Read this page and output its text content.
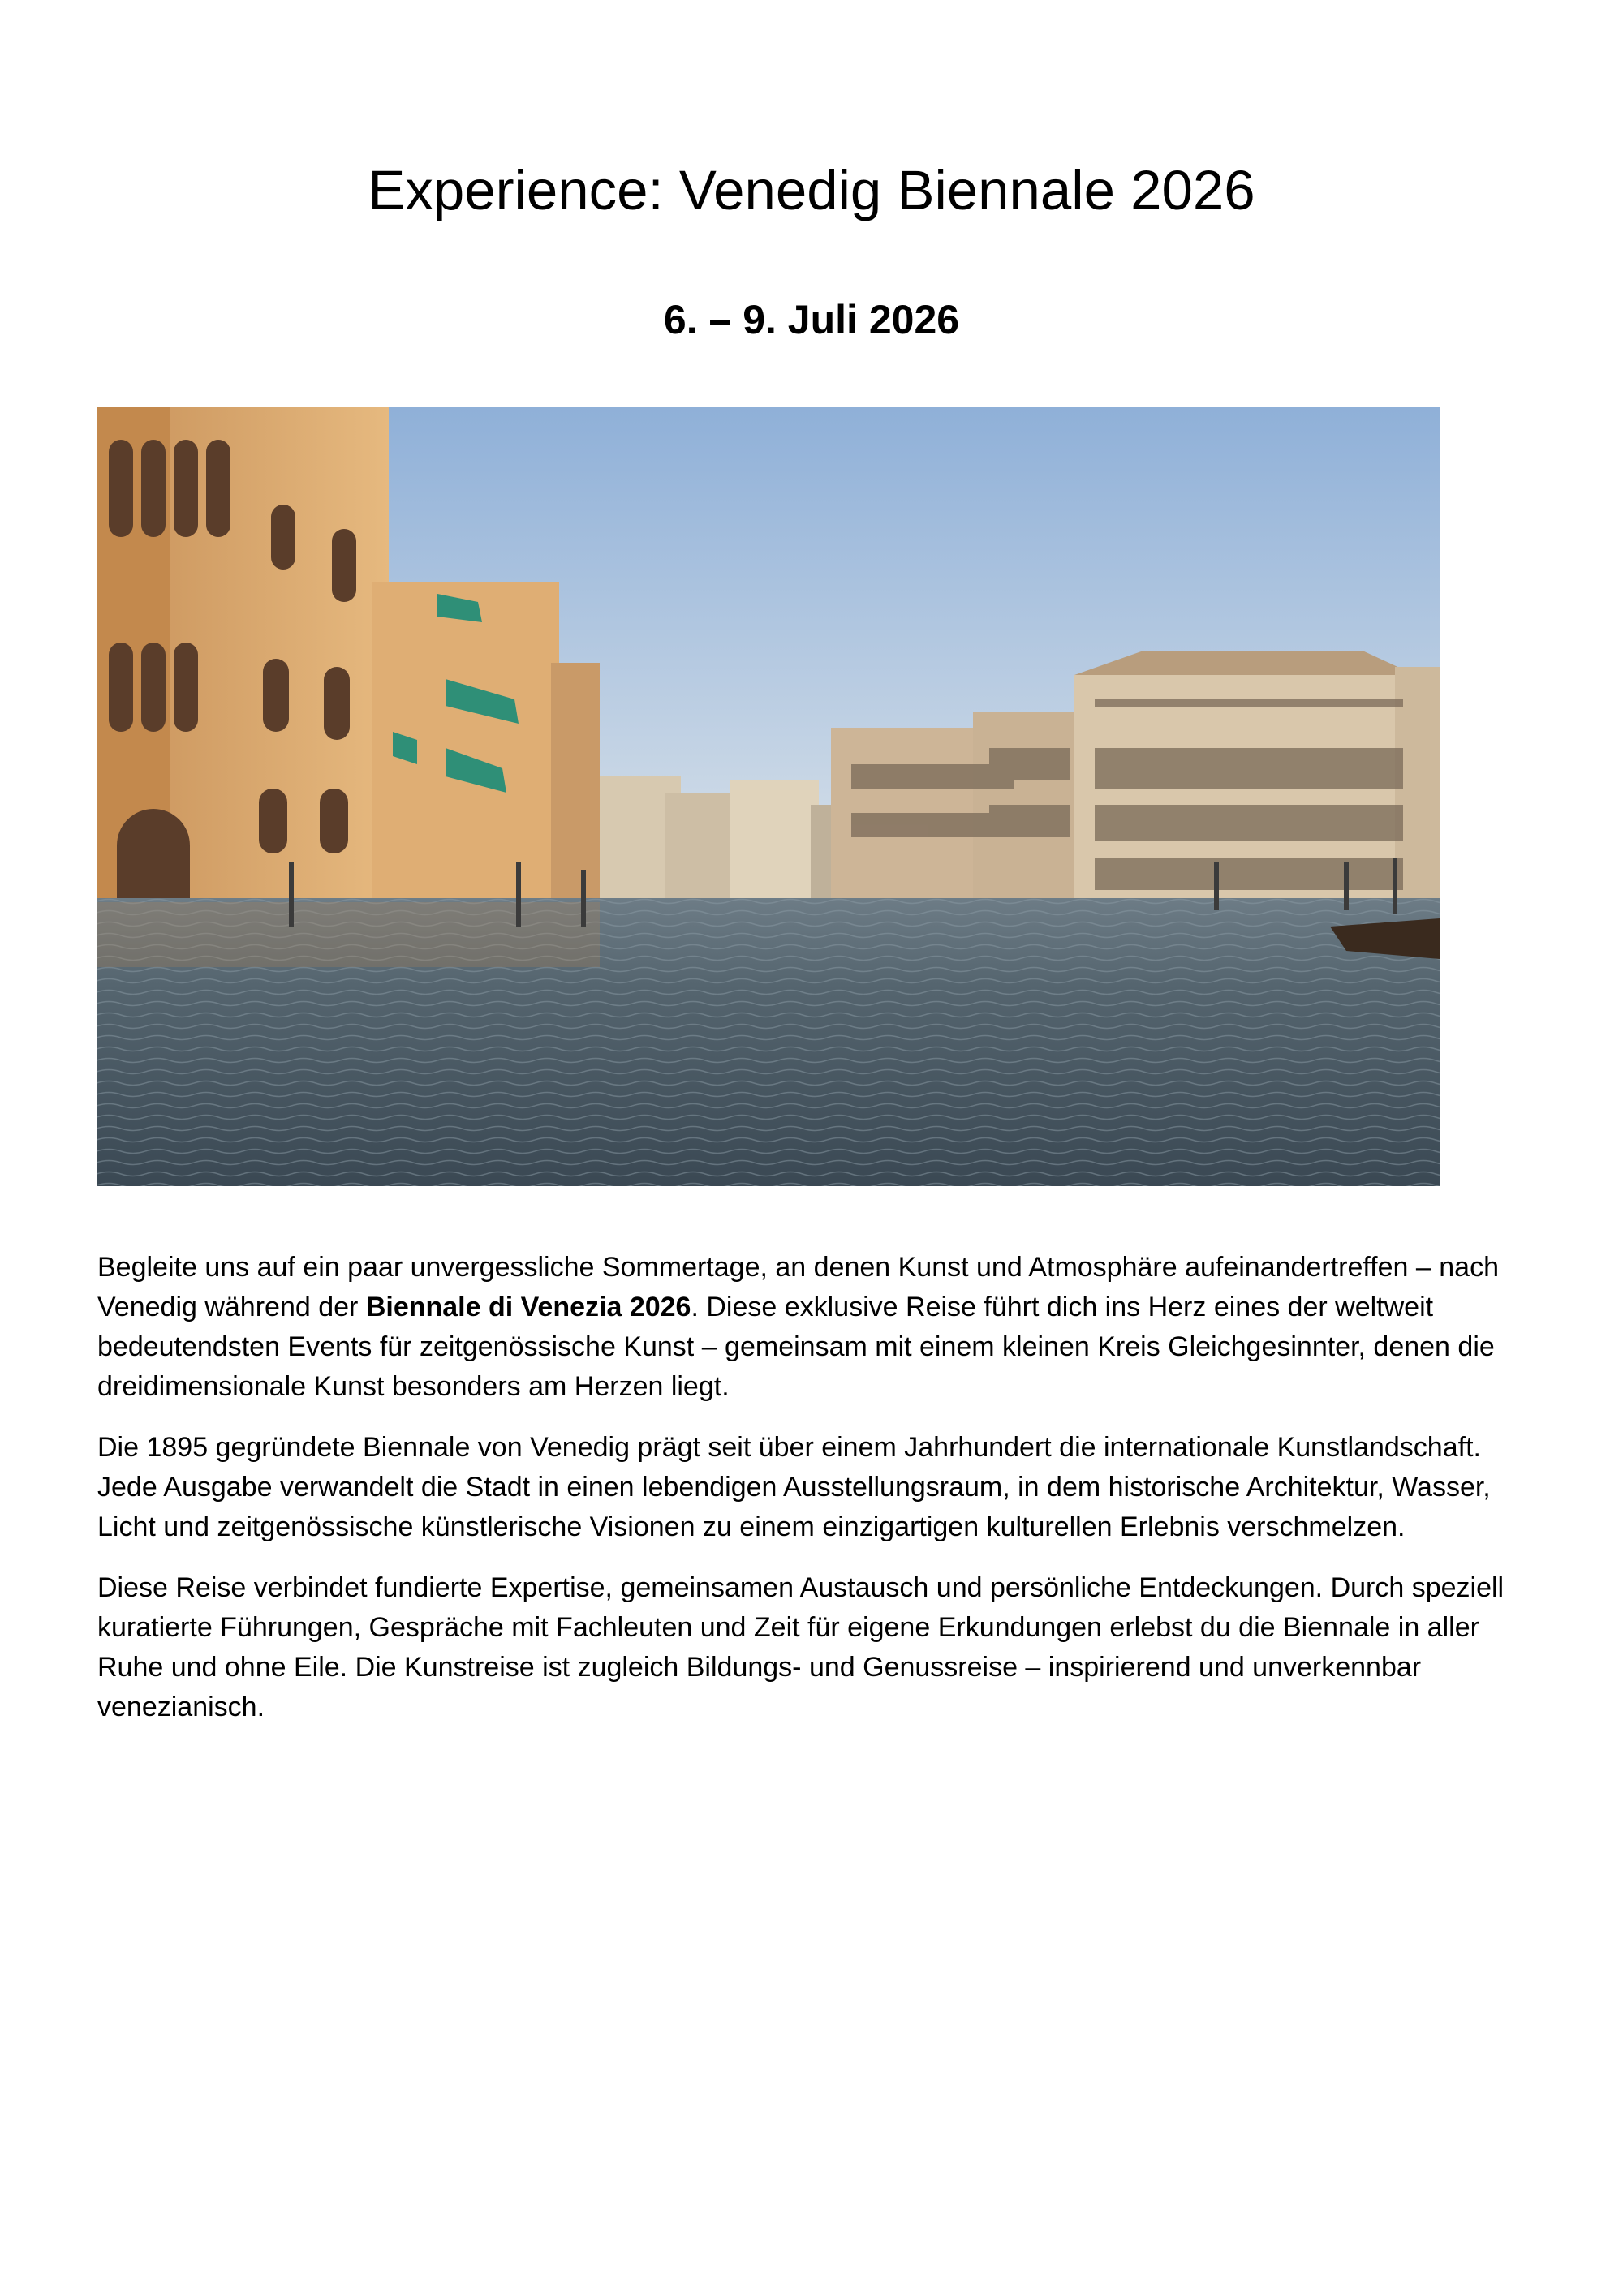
Experience: Venedig Biennale 2026
6. – 9. Juli 2026

Begleite uns auf ein paar unvergessliche Sommertage, an denen Kunst und Atmosphäre aufeinandertreffen – nach Venedig während der Biennale di Venezia 2026. Diese exklusive Reise führt dich ins Herz eines der weltweit bedeutendsten Events für zeitgenössische Kunst – gemeinsam mit einem kleinen Kreis Gleichgesinnter, denen die dreidimensionale Kunst besonders am Herzen liegt.

Die 1895 gegründete Biennale von Venedig prägt seit über einem Jahrhundert die internationale Kunstlandschaft. Jede Ausgabe verwandelt die Stadt in einen lebendigen Ausstellungsraum, in dem historische Architektur, Wasser, Licht und zeitgenössische künstlerische Visionen zu einem einzigartigen kulturellen Erlebnis verschmelzen.

Diese Reise verbindet fundierte Expertise, gemeinsamen Austausch und persönliche Entdeckungen. Durch speziell kuratierte Führungen, Gespräche mit Fachleuten und Zeit für eigene Erkundungen erlebst du die Biennale in aller Ruhe und ohne Eile. Die Kunstreise ist zugleich Bildungs- und Genussreise – inspirierend und unverkennbar venezianisch.
